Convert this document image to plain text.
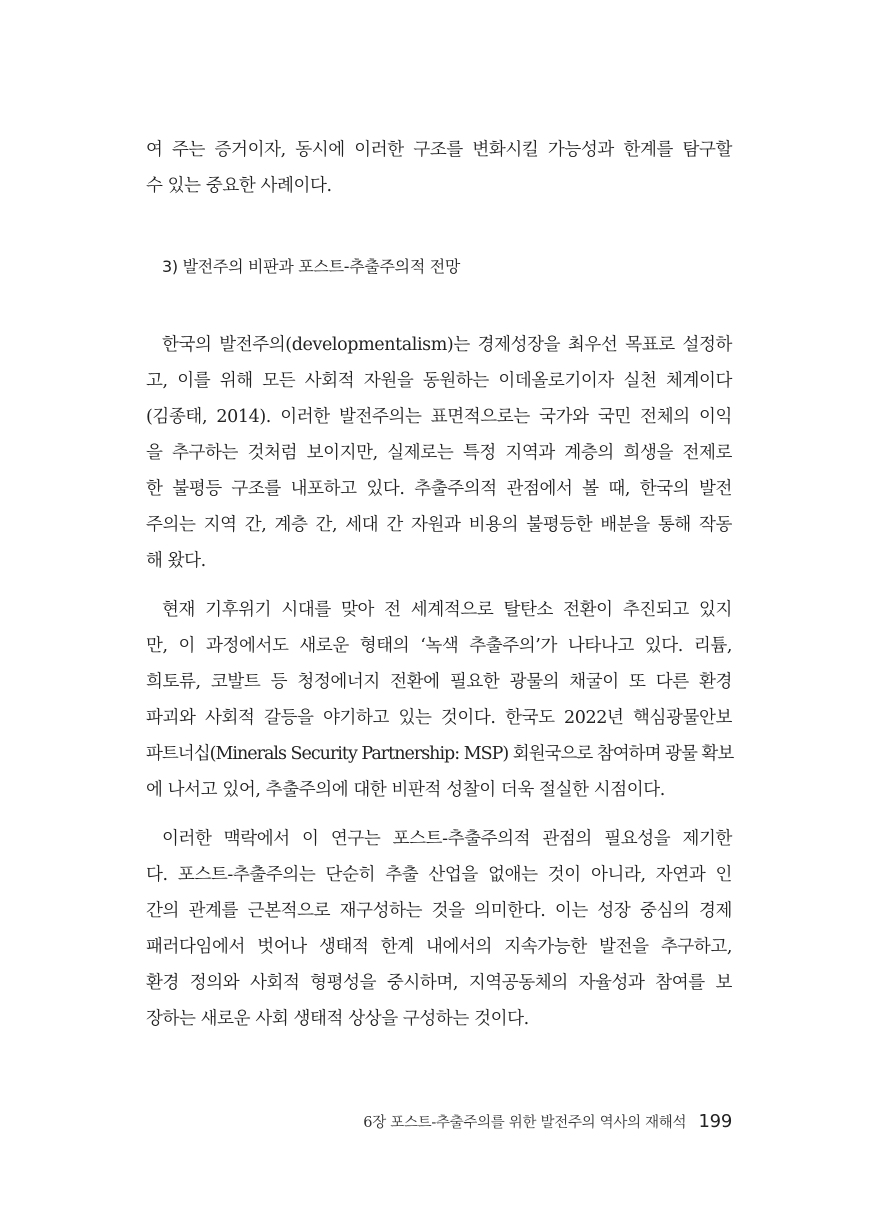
여 주는 증거이자, 동시에 이러한 구조를 변화시킬 가능성과 한계를 탐구할
수 있는 중요한 사례이다.
3) 발전주의 비판과 포스트-추출주의적 전망
한국의 발전주의(developmentalism)는 경제성장을 최우선 목표로 설정하
고, 이를 위해 모든 사회적 자원을 동원하는 이데올로기이자 실천 체계이다
(김종태, 2014). 이러한 발전주의는 표면적으로는 국가와 국민 전체의 이익
을 추구하는 것처럼 보이지만, 실제로는 특정 지역과 계층의 희생을 전제로
한 불평등 구조를 내포하고 있다. 추출주의적 관점에서 볼 때, 한국의 발전
주의는 지역 간, 계층 간, 세대 간 자원과 비용의 불평등한 배분을 통해 작동
해 왔다.
현재 기후위기 시대를 맞아 전 세계적으로 탈탄소 전환이 추진되고 있지
만, 이 과정에서도 새로운 형태의 ‘녹색 추출주의’가 나타나고 있다. 리튬,
희토류, 코발트 등 청정에너지 전환에 필요한 광물의 채굴이 또 다른 환경
파괴와 사회적 갈등을 야기하고 있는 것이다. 한국도 2022년 핵심광물안보
파트너십(Minerals Security Partnership: MSP) 회원국으로 참여하며 광물 확보
에 나서고 있어, 추출주의에 대한 비판적 성찰이 더욱 절실한 시점이다.
이러한 맥락에서 이 연구는 포스트-추출주의적 관점의 필요성을 제기한
다. 포스트-추출주의는 단순히 추출 산업을 없애는 것이 아니라, 자연과 인
간의 관계를 근본적으로 재구성하는 것을 의미한다. 이는 성장 중심의 경제
패러다임에서 벗어나 생태적 한계 내에서의 지속가능한 발전을 추구하고,
환경 정의와 사회적 형평성을 중시하며, 지역공동체의 자율성과 참여를 보
장하는 새로운 사회 생태적 상상을 구성하는 것이다.
6장 포스트-추출주의를 위한 발전주의 역사의 재해석 199
